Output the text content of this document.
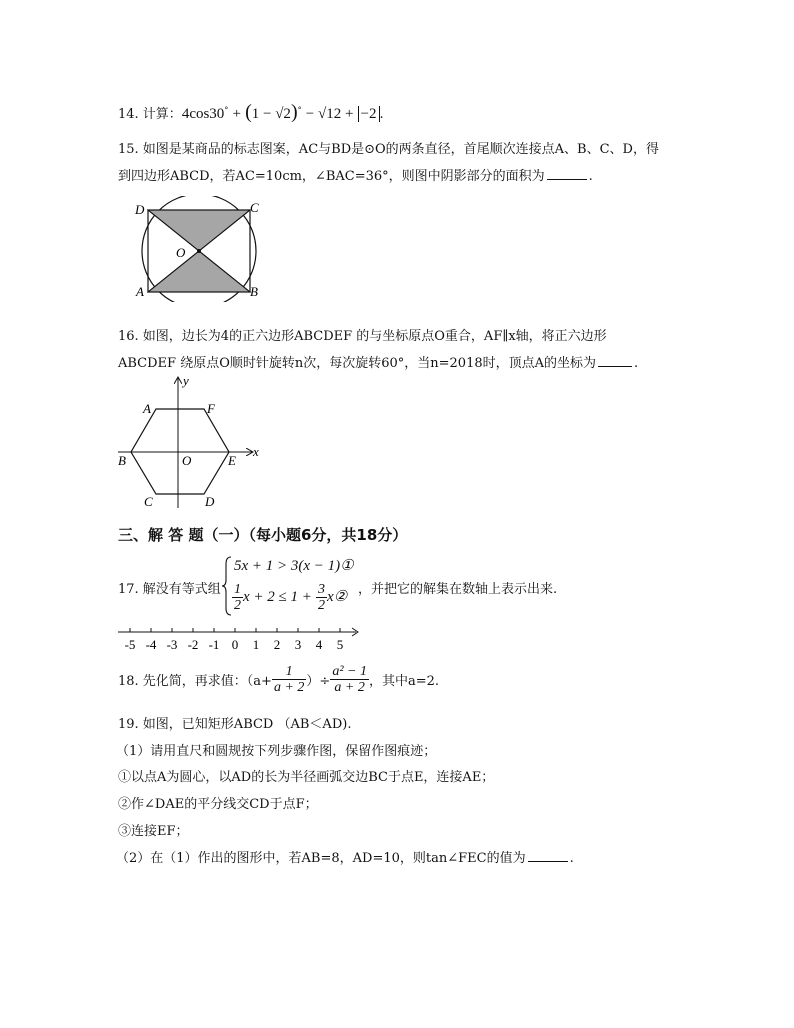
14. 计算：4cos30° + (1 − √2)° − √12 + −2 .
15. 如图是某商品的标志图案，AC与BD是⊙O的两条直径，首尾顺次连接点A、B、C、D，得
到四边形ABCD，若AC=10cm，∠BAC=36°，则图中阴影部分的面积为	.
D	C
O
A	B
16. 如图，边长为4的正六边形ABCDEF 的与坐标原点O重合，AF∥x轴，将正六边形
ABCDEF 绕原点O顺时针旋转n次，每次旋转60°，当n=2018时，顶点A的坐标为	.
y
x
A	F
B	O	E
C	D
三、解 答 题（一）（每小题6分，共18分）
17. 解没有等式组
5x + 1 > 3(x − 1)①
$\frac{1}{2}$ $x + 2 \le 1 + \frac{3}{2}$ x② ，并把它的解集在数轴上表示出来.
-5 -4 -3 -2 -1 0 1 2 3 4 5
18. 先化简，再求值：（$a+ \frac{1}{a + 2}$ ）÷ $\frac{\text{a² − 1}}{a + 2}$ ，其中a=2.
19. 如图，已知矩形ABCD （AB＜AD).
（1）请用直尺和圆规按下列步骤作图，保留作图痕迹；
①以点A为圆心，以AD的长为半径画弧交边BC于点E，连接AE；
②作∠DAE的平分线交CD于点F；
③连接EF；
（2）在（1）作出的图形中，若AB=8，AD=10，则tan∠FEC的值为	.
